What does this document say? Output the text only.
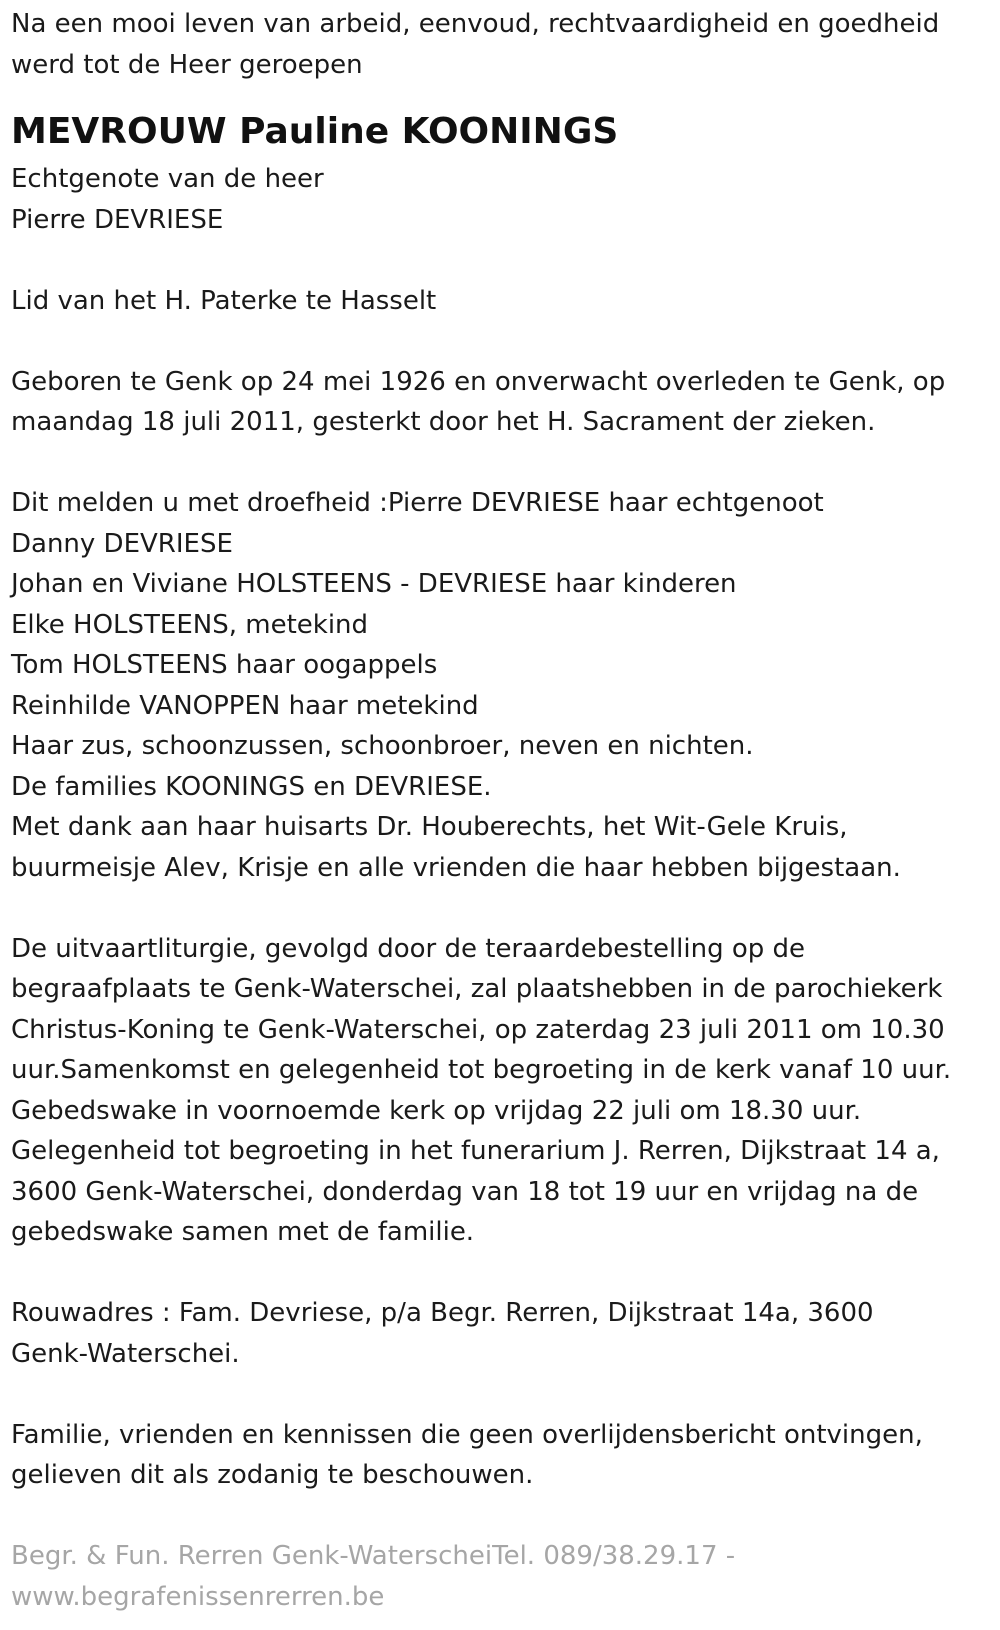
Na een mooi leven van arbeid, eenvoud, rechtvaardigheid en goedheid

werd tot de Heer geroepen

MEVROUW Pauline KOONINGS

Echtgenote van de heer

Pierre DEVRIESE

Lid van het H. Paterke te Hasselt

Geboren te Genk op 24 mei 1926 en onverwacht overleden te Genk, op

maandag 18 juli 2011, gesterkt door het H. Sacrament der zieken.

Dit melden u met droefheid :Pierre DEVRIESE haar echtgenoot

Danny DEVRIESE

Johan en Viviane HOLSTEENS - DEVRIESE haar kinderen

Elke HOLSTEENS, metekind

Tom HOLSTEENS haar oogappels

Reinhilde VANOPPEN haar metekind

Haar zus, schoonzussen, schoonbroer, neven en nichten.

De families KOONINGS en DEVRIESE.

Met dank aan haar huisarts Dr. Houberechts, het Wit-Gele Kruis,

buurmeisje Alev, Krisje en alle vrienden die haar hebben bijgestaan.

De uitvaartliturgie, gevolgd door de teraardebestelling op de

begraafplaats te Genk-Waterschei, zal plaatshebben in de parochiekerk

Christus-Koning te Genk-Waterschei, op zaterdag 23 juli 2011 om 10.30

uur.Samenkomst en gelegenheid tot begroeting in de kerk vanaf 10 uur.

Gebedswake in voornoemde kerk op vrijdag 22 juli om 18.30 uur.

Gelegenheid tot begroeting in het funerarium J. Rerren, Dijkstraat 14 a,

3600 Genk-Waterschei, donderdag van 18 tot 19 uur en vrijdag na de

gebedswake samen met de familie.

Rouwadres : Fam. Devriese, p/a Begr. Rerren, Dijkstraat 14a, 3600

Genk-Waterschei.

Familie, vrienden en kennissen die geen overlijdensbericht ontvingen,

gelieven dit als zodanig te beschouwen.

Begr. & Fun. Rerren Genk-WaterscheiTel. 089/38.29.17 -

www.begrafenissenrerren.be
